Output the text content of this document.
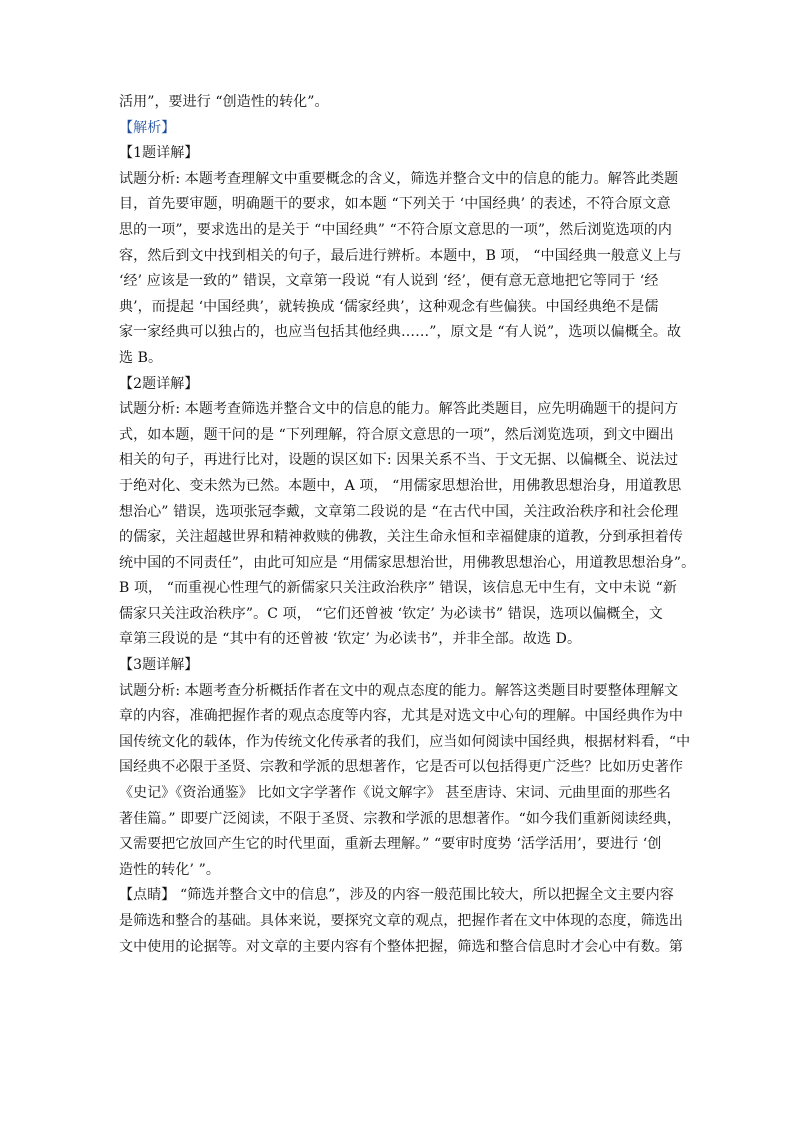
活用”，要进行 “创造性的转化”。
【解析】
【1题详解】
试题分析: 本题考查理解文中重要概念的含义，筛选并整合文中的信息的能力。解答此类题
目，首先要审题，明确题干的要求，如本题 “下列关于 ‘中国经典’ 的表述，不符合原文意
思的一项”，要求选出的是关于 “中国经典” “不符合原文意思的一项”，然后浏览选项的内
容，然后到文中找到相关的句子，最后进行辨析。本题中，B 项， “中国经典一般意义上与
‘经’ 应该是一致的” 错误，文章第一段说 “有人说到 ‘经’，便有意无意地把它等同于 ‘经
典’，而提起 ‘中国经典’，就转换成 ‘儒家经典’，这种观念有些偏狭。中国经典绝不是儒
家一家经典可以独占的，也应当包括其他经典……”，原文是 “有人说”，选项以偏概全。故
选 B。
【2题详解】
试题分析: 本题考查筛选并整合文中的信息的能力。解答此类题目，应先明确题干的提问方
式，如本题，题干问的是 “下列理解，符合原文意思的一项”，然后浏览选项，到文中圈出
相关的句子，再进行比对，设题的误区如下: 因果关系不当、于文无据、以偏概全、说法过
于绝对化、变未然为已然。本题中，A 项， “用儒家思想治世，用佛教思想治身，用道教思
想治心” 错误，选项张冠李戴，文章第二段说的是 “在古代中国，关注政治秩序和社会伦理
的儒家，关注超越世界和精神救赎的佛教，关注生命永恒和幸福健康的道教，分到承担着传
统中国的不同责任”，由此可知应是 “用儒家思想治世，用佛教思想治心，用道教思想治身”。
B 项， “而重视心性理气的新儒家只关注政治秩序” 错误，该信息无中生有，文中未说 “新
儒家只关注政治秩序”。C 项， “它们还曾被 ‘钦定’ 为必读书” 错误，选项以偏概全，文
章第三段说的是 “其中有的还曾被 ‘钦定’ 为必读书”，并非全部。故选 D。
【3题详解】
试题分析: 本题考查分析概括作者在文中的观点态度的能力。解答这类题目时要整体理解文
章的内容，准确把握作者的观点态度等内容，尤其是对选文中心句的理解。中国经典作为中
国传统文化的载体，作为传统文化传承者的我们，应当如何阅读中国经典，根据材料看，“中
国经典不必限于圣贤、宗教和学派的思想著作，它是否可以包括得更广泛些？比如历史著作
《史记》《资治通鉴》 比如文字学著作《说文解字》 甚至唐诗、宋词、元曲里面的那些名
著佳篇。” 即要广泛阅读，不限于圣贤、宗教和学派的思想著作。“如今我们重新阅读经典，
又需要把它放回产生它的时代里面，重新去理解。” “要审时度势 ‘活学活用’，要进行 ‘创
造性的转化’ ”。
【点睛】 “筛选并整合文中的信息”，涉及的内容一般范围比较大，所以把握全文主要内容
是筛选和整合的基础。具体来说，要探究文章的观点，把握作者在文中体现的态度，筛选出
文中使用的论据等。对文章的主要内容有个整体把握，筛选和整合信息时才会心中有数。第
